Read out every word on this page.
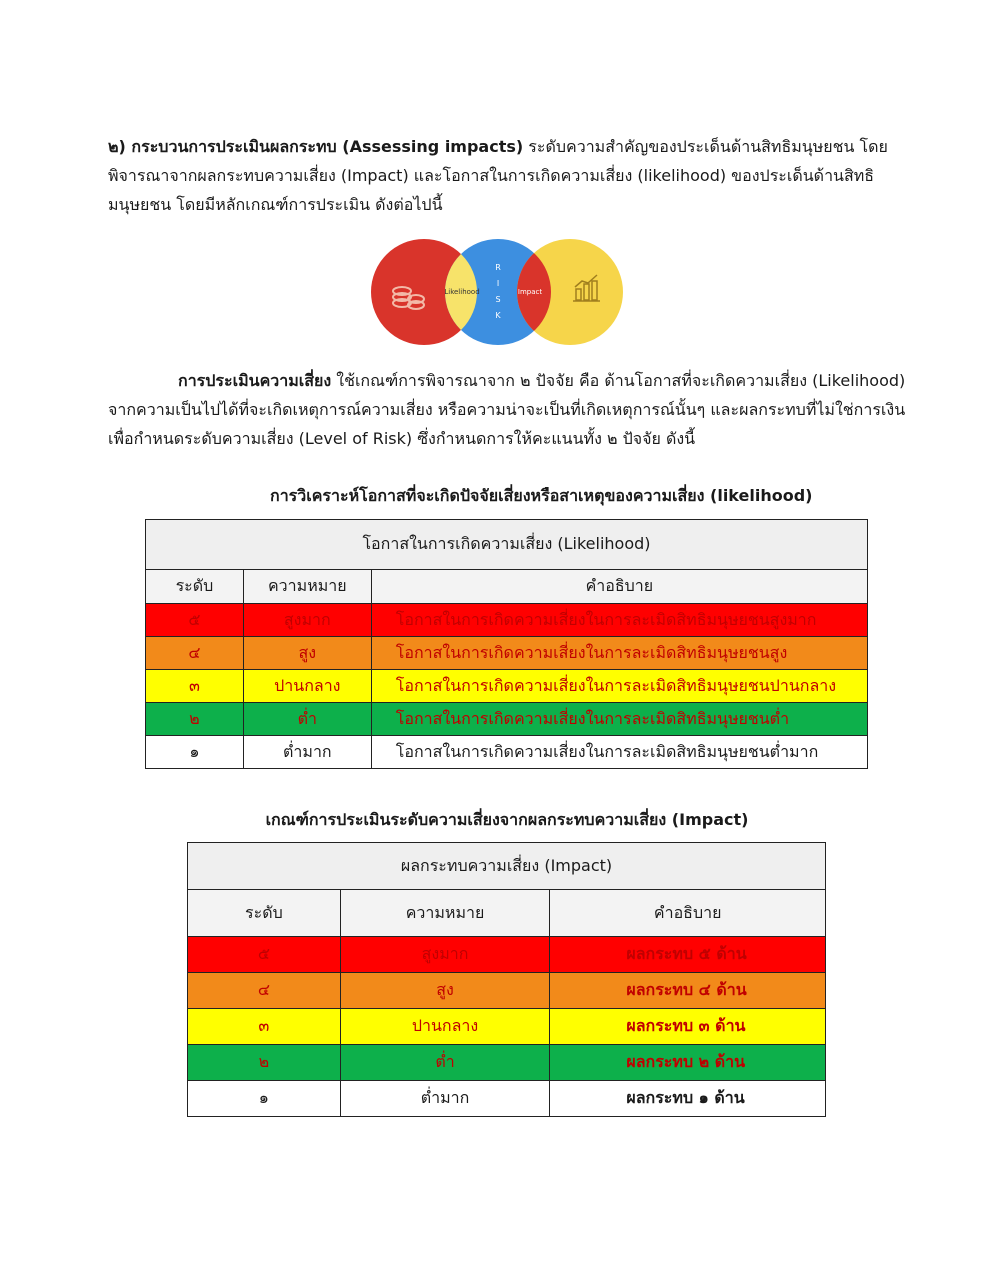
๒) กระบวนการประเมินผลกระทบ (Assessing impacts) ระดับความสำคัญของประเด็นด้านสิทธิมนุษยชน โดยพิจารณาจากผลกระทบความเสี่ยง (Impact) และโอกาสในการเกิดความเสี่ยง (likelihood) ของประเด็นด้านสิทธิมนุษยชน โดยมีหลักเกณฑ์การประเมิน ดังต่อไปนี้

Likelihood
R
I
S
K
Impact

การประเมินความเสี่ยง ใช้เกณฑ์การพิจารณาจาก ๒ ปัจจัย คือ ด้านโอกาสที่จะเกิดความเสี่ยง (Likelihood) จากความเป็นไปได้ที่จะเกิดเหตุการณ์ความเสี่ยง หรือความน่าจะเป็นที่เกิดเหตุการณ์นั้นๆ และผลกระทบที่ไม่ใช่การเงิน เพื่อกำหนดระดับความเสี่ยง (Level of Risk) ซึ่งกำหนดการให้คะแนนทั้ง ๒ ปัจจัย ดังนี้

การวิเคราะห์โอกาสที่จะเกิดปัจจัยเสี่ยงหรือสาเหตุของความเสี่ยง (likelihood)

โอกาสในการเกิดความเสี่ยง (Likelihood)		
ระดับ	ความหมาย	คำอธิบาย
๕	สูงมาก	โอกาสในการเกิดความเสี่ยงในการละเมิดสิทธิมนุษยชนสูงมาก
๔	สูง	โอกาสในการเกิดความเสี่ยงในการละเมิดสิทธิมนุษยชนสูง
๓	ปานกลาง	โอกาสในการเกิดความเสี่ยงในการละเมิดสิทธิมนุษยชนปานกลาง
๒	ต่ำ	โอกาสในการเกิดความเสี่ยงในการละเมิดสิทธิมนุษยชนต่ำ
๑	ต่ำมาก	โอกาสในการเกิดความเสี่ยงในการละเมิดสิทธิมนุษยชนต่ำมาก

เกณฑ์การประเมินระดับความเสี่ยงจากผลกระทบความเสี่ยง (Impact)

ผลกระทบความเสี่ยง (Impact)		
ระดับ	ความหมาย	คำอธิบาย
๕	สูงมาก	ผลกระทบ ๕ ด้าน
๔	สูง	ผลกระทบ ๔ ด้าน
๓	ปานกลาง	ผลกระทบ ๓ ด้าน
๒	ต่ำ	ผลกระทบ ๒ ด้าน
๑	ต่ำมาก	ผลกระทบ ๑ ด้าน
